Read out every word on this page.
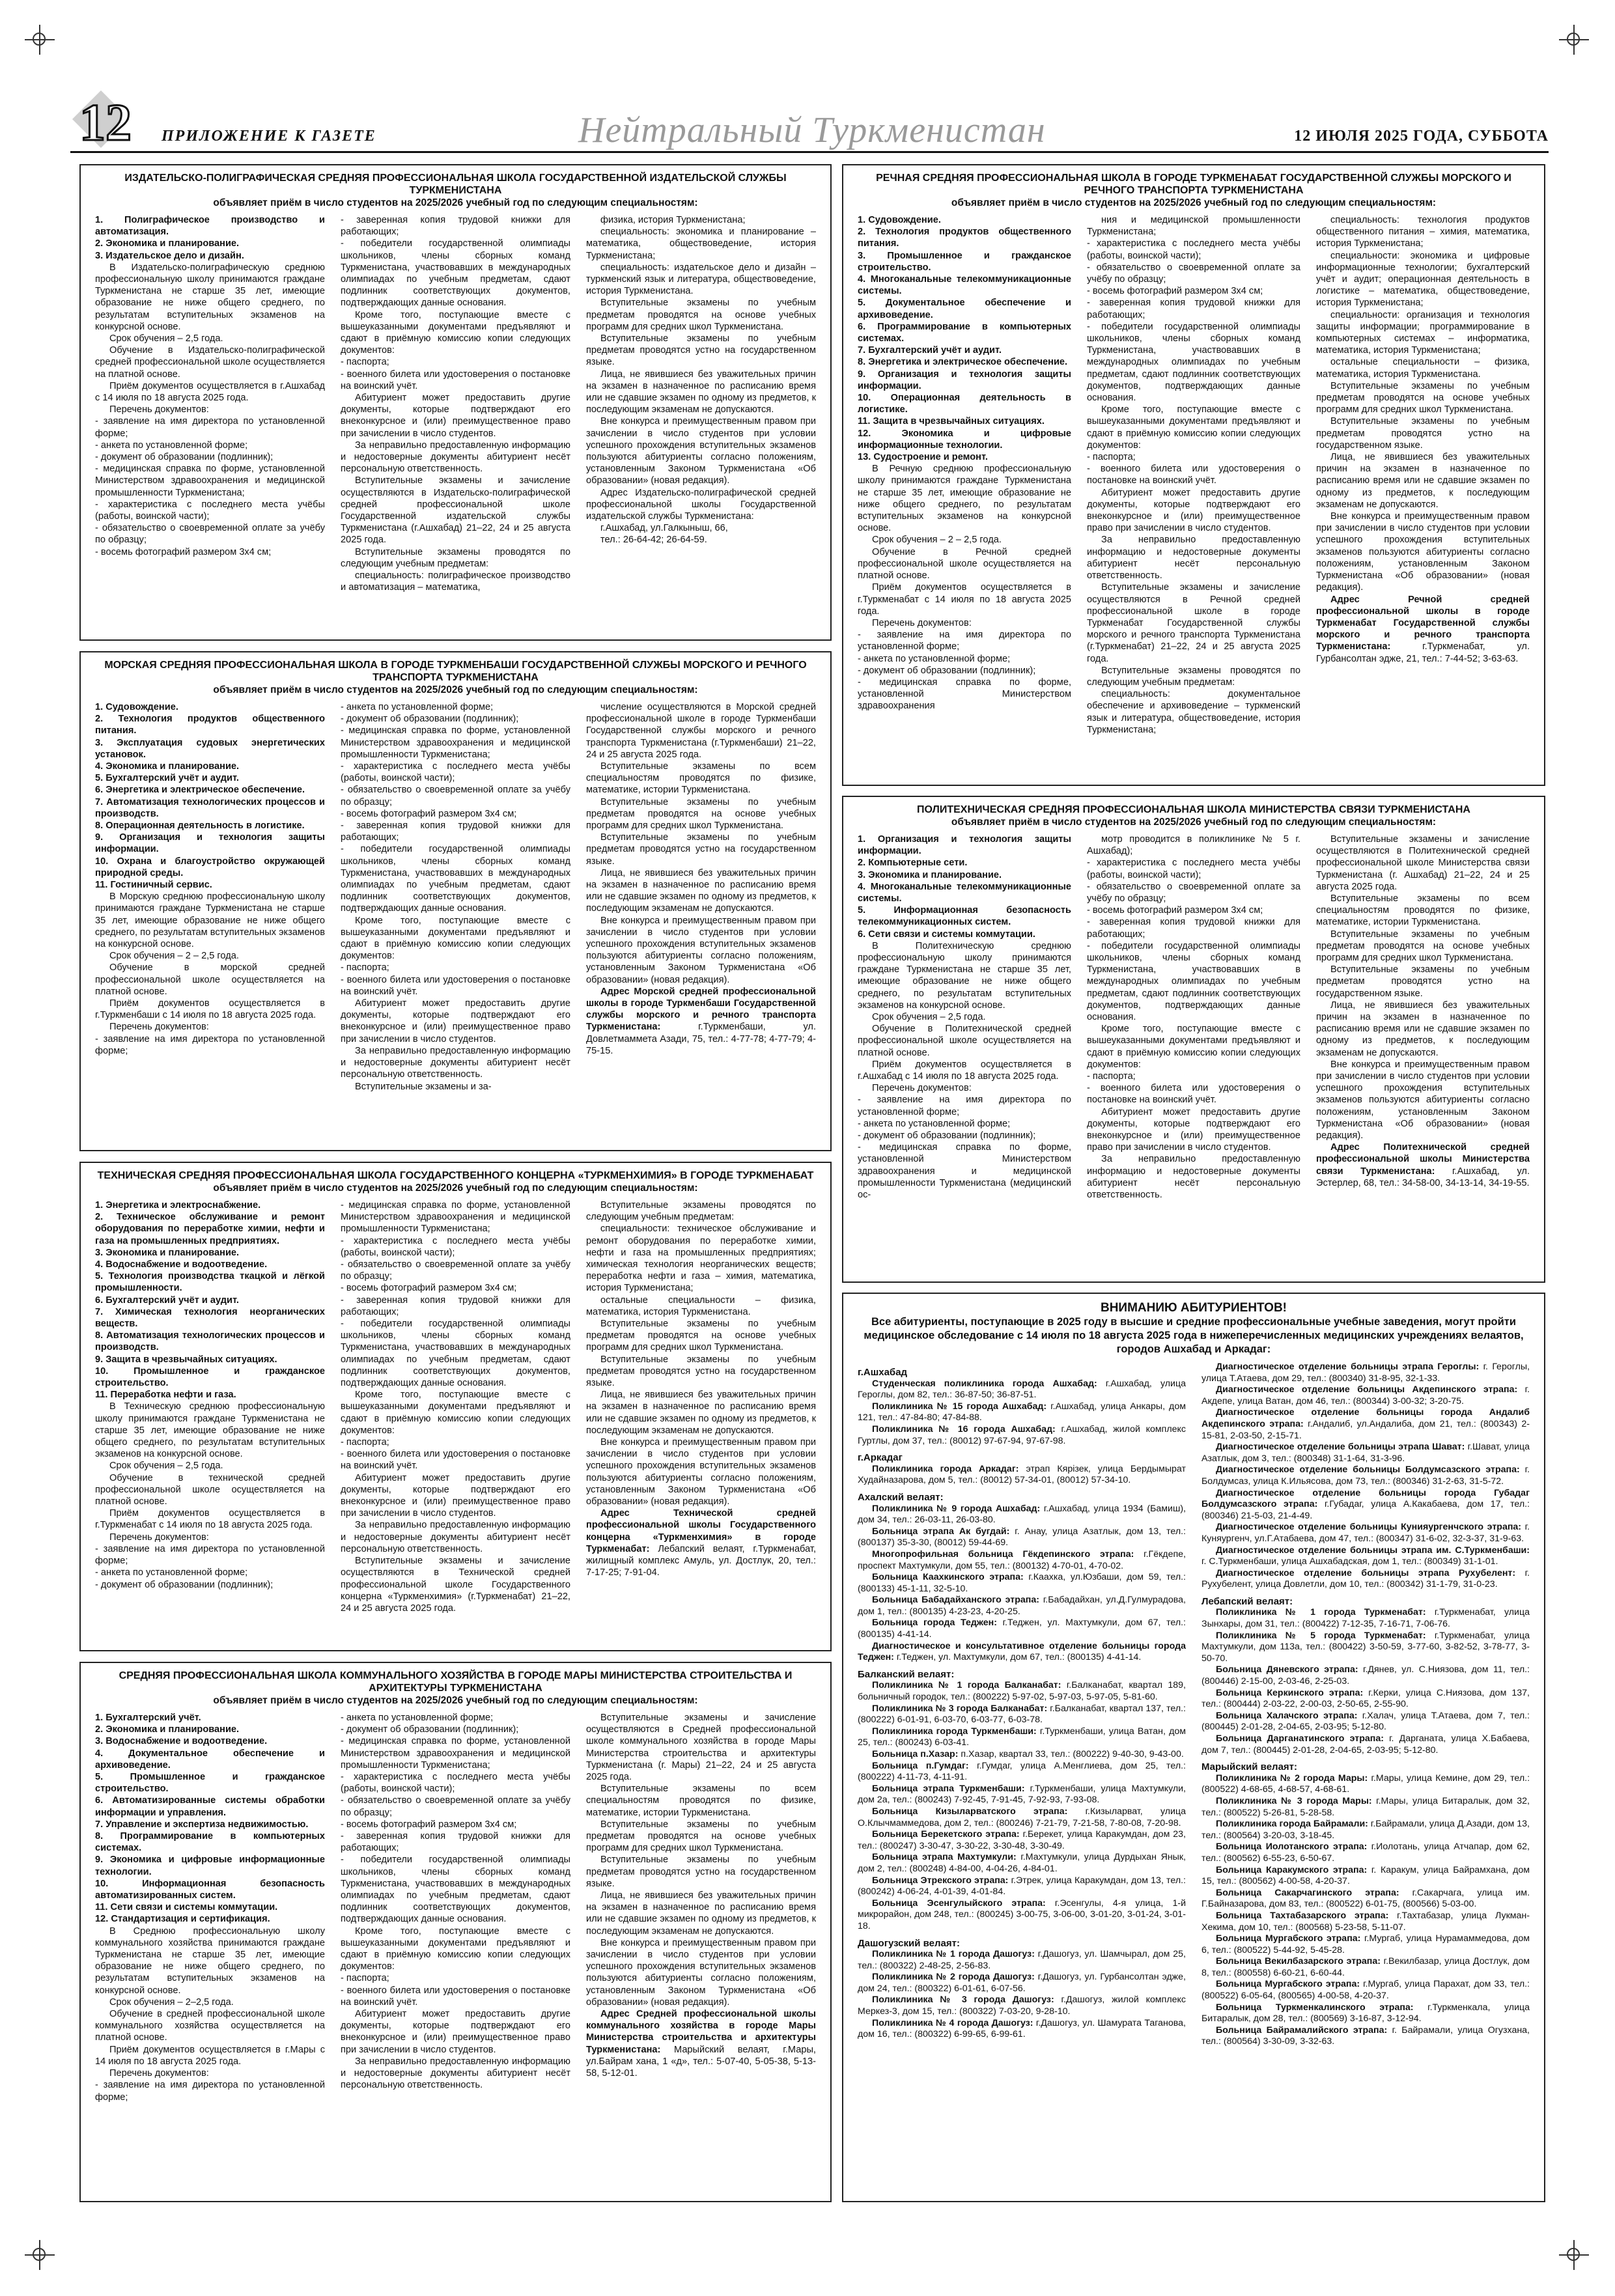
12 ПРИЛОЖЕНИЕ К ГАЗЕТЕ	Нейтральный Туркменистан	12 ИЮЛЯ 2025 ГОДА, СУББОТА
ИЗДАТЕЛЬСКО-ПОЛИГРАФИЧЕСКАЯ СРЕДНЯЯ ПРОФЕССИОНАЛЬНАЯ ШКОЛА ГОСУДАРСТВЕННОЙ ИЗДАТЕЛЬСКОЙ СЛУЖБЫ ТУРКМЕНИСТАНА

объявляет приём в число студентов на 2025/2026 учебный год по следующим специальностям:

1. Полиграфическое производство и автоматизация.

2. Экономика и планирование.

3. Издательское дело и дизайн.

В Издательско-полиграфическую среднюю профессиональную школу принимаются граждане Туркменистана не старше 35 лет, имеющие образование не ниже общего среднего, по результатам вступительных экзаменов на конкурсной основе.

Срок обучения – 2,5 года.

Обучение в Издательско-полиграфической средней профессиональной школе осуществляется на платной основе.

Приём документов осуществляется в г.Ашхабад с 14 июля по 18 августа 2025 года.

Перечень документов:

- заявление на имя директора по установленной форме;

- анкета по установленной форме;

- документ об образовании (подлинник);

- медицинская справка по форме, установленной Министерством здравоохранения и медицинской промышленности Туркменистана;

- характеристика с последнего места учёбы (работы, воинской части);

- обязательство о своевременной оплате за учёбу по образцу;

- восемь фотографий размером 3x4 см;

- заверенная копия трудовой книжки для работающих;

- победители государственной олимпиады школьников, члены сборных команд Туркменистана, участвовавших в международных олимпиадах по учебным предметам, сдают подлинник соответствующих документов, подтверждающих данные основания.

Кроме того, поступающие вместе с вышеуказанными документами предъявляют и сдают в приёмную комиссию копии следующих документов:

- паспорта;

- военного билета или удостоверения о постановке на воинский учёт.

Абитуриент может предоставить другие документы, которые подтверждают его внеконкурсное и (или) преимущественное право при зачислении в число студентов.

За неправильно предоставленную информацию и недостоверные документы абитуриент несёт персональную ответственность.

Вступительные экзамены и зачисление осуществляются в Издательско-полиграфической средней профессиональной школе Государственной издательской службы Туркменистана (г.Ашхабад) 21–22, 24 и 25 августа 2025 года.

Вступительные экзамены проводятся по следующим учебным предметам:

специальность: полиграфическое производство и автоматизация – математика,

физика, история Туркменистана;

специальность: экономика и планирование – математика, обществоведение, история Туркменистана;

специальность: издательское дело и дизайн – туркменский язык и литература, обществоведение, история Туркменистана.

Вступительные экзамены по учебным предметам проводятся на основе учебных программ для средних школ Туркменистана.

Вступительные экзамены по учебным предметам проводятся устно на государственном языке.

Лица, не явившиеся без уважительных причин на экзамен в назначенное по расписанию время или не сдавшие экзамен по одному из предметов, к последующим экзаменам не допускаются.

Вне конкурса и преимущественным правом при зачислении в число студентов при условии успешного прохождения вступительных экзаменов пользуются абитуриенты согласно положениям, установленным Законом Туркменистана «Об образовании» (новая редакция).

Адрес Издательско-полиграфической средней профессиональной школы Государственной издательской службы Туркменистана:

г.Ашхабад, ул.Галкыныш, 66,

тел.: 26-64-42; 26-64-59.

МОРСКАЯ СРЕДНЯЯ ПРОФЕССИОНАЛЬНАЯ ШКОЛА В ГОРОДЕ ТУРКМЕНБАШИ ГОСУДАРСТВЕННОЙ СЛУЖБЫ МОРСКОГО И РЕЧНОГО ТРАНСПОРТА ТУРКМЕНИСТАНА

объявляет приём в число студентов на 2025/2026 учебный год по следующим специальностям:

1. Судовождение.

2. Технология продуктов общественного питания.

3. Эксплуатация судовых энергетических установок.

4. Экономика и планирование.

5. Бухгалтерский учёт и аудит.

6. Энергетика и электрическое обеспечение.

7. Автоматизация технологических процессов и производств.

8. Операционная деятельность в логистике.

9. Организация и технология защиты информации.

10. Охрана и благоустройство окружающей природной среды.

11. Гостиничный сервис.

В Морскую среднюю профессиональную школу принимаются граждане Туркменистана не старше 35 лет, имеющие образование не ниже общего среднего, по результатам вступительных экзаменов на конкурсной основе.

Срок обучения – 2 – 2,5 года.

Обучение в морской средней профессиональной школе осуществляется на платной основе.

Приём документов осуществляется в г.Туркменбаши с 14 июля по 18 августа 2025 года.

Перечень документов:

- заявление на имя директора по установленной форме;

- анкета по установленной форме;

- документ об образовании (подлинник);

- медицинская справка по форме, установленной Министерством здравоохранения и медицинской промышленности Туркменистана;

- характеристика с последнего места учёбы (работы, воинской части);

- обязательство о своевременной оплате за учёбу по образцу;

- восемь фотографий размером 3x4 см;

- заверенная копия трудовой книжки для работающих;

- победители государственной олимпиады школьников, члены сборных команд Туркменистана, участвовавших в международных олимпиадах по учебным предметам, сдают подлинник соответствующих документов, подтверждающих данные основания.

Кроме того, поступающие вместе с вышеуказанными документами предъявляют и сдают в приёмную комиссию копии следующих документов:

- паспорта;

- военного билета или удостоверения о постановке на воинский учёт.

Абитуриент может предоставить другие документы, которые подтверждают его внеконкурсное и (или) преимущественное право при зачислении в число студентов.

За неправильно предоставленную информацию и недостоверные документы абитуриент несёт персональную ответственность.

Вступительные экзамены и за-

числение осуществляются в Морской средней профессиональной школе в городе Туркменбаши Государственной службы морского и речного транспорта Туркменистана (г.Туркменбаши) 21–22, 24 и 25 августа 2025 года.

Вступительные экзамены по всем специальностям проводятся по физике, математике, истории Туркменистана.

Вступительные экзамены по учебным предметам проводятся на основе учебных программ для средних школ Туркменистана.

Вступительные экзамены по учебным предметам проводятся устно на государственном языке.

Лица, не явившиеся без уважительных причин на экзамен в назначенное по расписанию время или не сдавшие экзамен по одному из предметов, к последующим экзаменам не допускаются.

Вне конкурса и преимущественным правом при зачислении в число студентов при условии успешного прохождения вступительных экзаменов пользуются абитуриенты согласно положениям, установленным Законом Туркменистана «Об образовании» (новая редакция).

Адрес Морской средней профессиональной школы в городе Туркменбаши Государственной службы морского и речного транспорта Туркменистана: г.Туркменбаши, ул. Довлетмаммета Азади, 75, тел.: 4-77-78; 4-77-79; 4-75-15.

ТЕХНИЧЕСКАЯ СРЕДНЯЯ ПРОФЕССИОНАЛЬНАЯ ШКОЛА ГОСУДАРСТВЕННОГО КОНЦЕРНА «ТУРКМЕНХИМИЯ» В ГОРОДЕ ТУРКМЕНАБАТ

объявляет приём в число студентов на 2025/2026 учебный год по следующим специальностям:

1. Энергетика и электроснабжение.

2. Техническое обслуживание и ремонт оборудования по переработке химии, нефти и газа на промышленных предприятиях.

3. Экономика и планирование.

4. Водоснабжение и водоотведение.

5. Технология производства ткацкой и лёгкой промышленности.

6. Бухгалтерский учёт и аудит.

7. Химическая технология неорганических веществ.

8. Автоматизация технологических процессов и производств.

9. Защита в чрезвычайных ситуациях.

10. Промышленное и гражданское строительство.

11. Переработка нефти и газа.

В Техническую среднюю профессиональную школу принимаются граждане Туркменистана не старше 35 лет, имеющие образование не ниже общего среднего, по результатам вступительных экзаменов на конкурсной основе.

Срок обучения – 2,5 года.

Обучение в технической средней профессиональной школе осуществляется на платной основе.

Приём документов осуществляется в г.Туркменабат с 14 июля по 18 августа 2025 года.

Перечень документов:

- заявление на имя директора по установленной форме;

- анкета по установленной форме;

- документ об образовании (подлинник);

- медицинская справка по форме, установленной Министерством здравоохранения и медицинской промышленности Туркменистана;

- характеристика с последнего места учёбы (работы, воинской части);

- обязательство о своевременной оплате за учёбу по образцу;

- восемь фотографий размером 3x4 см;

- заверенная копия трудовой книжки для работающих;

- победители государственной олимпиады школьников, члены сборных команд Туркменистана, участвовавших в международных олимпиадах по учебным предметам, сдают подлинник соответствующих документов, подтверждающих данные основания.

Кроме того, поступающие вместе с вышеуказанными документами предъявляют и сдают в приёмную комиссию копии следующих документов:

- паспорта;

- военного билета или удостоверения о постановке на воинский учёт.

Абитуриент может предоставить другие документы, которые подтверждают его внеконкурсное и (или) преимущественное право при зачислении в число студентов.

За неправильно предоставленную информацию и недостоверные документы абитуриент несёт персональную ответственность.

Вступительные экзамены и зачисление осуществляются в Технической средней профессиональной школе Государственного концерна «Туркменхимия» (г.Туркменабат) 21–22, 24 и 25 августа 2025 года.

Вступительные экзамены проводятся по следующим учебным предметам:

специальности: техническое обслуживание и ремонт оборудования по переработке химии, нефти и газа на промышленных предприятиях; химическая технология неорганических веществ; переработка нефти и газа – химия, математика, история Туркменистана;

остальные специальности – физика, математика, история Туркменистана.

Вступительные экзамены по учебным предметам проводятся на основе учебных программ для средних школ Туркменистана.

Вступительные экзамены по учебным предметам проводятся устно на государственном языке.

Лица, не явившиеся без уважительных причин на экзамен в назначенное по расписанию время или не сдавшие экзамен по одному из предметов, к последующим экзаменам не допускаются.

Вне конкурса и преимущественным правом при зачислении в число студентов при условии успешного прохождения вступительных экзаменов пользуются абитуриенты согласно положениям, установленным Законом Туркменистана «Об образовании» (новая редакция).

Адрес Технической средней профессиональной школы Государственного концерна «Туркменхимия» в городе Туркменабат: Лебапский велаят, г.Туркменабат, жилищный комплекс Амуль, ул. Достлук, 20, тел.: 7-17-25; 7-91-04.

СРЕДНЯЯ ПРОФЕССИОНАЛЬНАЯ ШКОЛА КОММУНАЛЬНОГО ХОЗЯЙСТВА В ГОРОДЕ МАРЫ МИНИСТЕРСТВА СТРОИТЕЛЬСТВА И АРХИТЕКТУРЫ ТУРКМЕНИСТАНА

объявляет приём в число студентов на 2025/2026 учебный год по следующим специальностям:

1. Бухгалтерский учёт.

2. Экономика и планирование.

3. Водоснабжение и водоотведение.

4. Документальное обеспечение и архивоведение.

5. Промышленное и гражданское строительство.

6. Автоматизированные системы обработки информации и управления.

7. Управление и экспертиза недвижимостью.

8. Программирование в компьютерных системах.

9. Экономика и цифровые информационные технологии.

10. Информационная безопасность автоматизированных систем.

11. Сети связи и системы коммутации.

12. Стандартизация и сертификация.

В Среднюю профессиональную школу коммунального хозяйства принимаются граждане Туркменистана не старше 35 лет, имеющие образование не ниже общего среднего, по результатам вступительных экзаменов на конкурсной основе.

Срок обучения – 2–2,5 года.

Обучение в средней профессиональной школе коммунального хозяйства осуществляется на платной основе.

Приём документов осуществляется в г.Мары с 14 июля по 18 августа 2025 года.

Перечень документов:

- заявление на имя директора по установленной форме;

- анкета по установленной форме;

- документ об образовании (подлинник);

- медицинская справка по форме, установленной Министерством здравоохранения и медицинской промышленности Туркменистана;

- характеристика с последнего места учёбы (работы, воинской части);

- обязательство о своевременной оплате за учёбу по образцу;

- восемь фотографий размером 3x4 см;

- заверенная копия трудовой книжки для работающих;

- победители государственной олимпиады школьников, члены сборных команд Туркменистана, участвовавших в международных олимпиадах по учебным предметам, сдают подлинник соответствующих документов, подтверждающих данные основания.

Кроме того, поступающие вместе с вышеуказанными документами предъявляют и сдают в приёмную комиссию копии следующих документов:

- паспорта;

- военного билета или удостоверения о постановке на воинский учёт.

Абитуриент может предоставить другие документы, которые подтверждают его внеконкурсное и (или) преимущественное право при зачислении в число студентов.

За неправильно предоставленную информацию и недостоверные документы абитуриент несёт персональную ответственность.

Вступительные экзамены и зачисление осуществляются в Средней профессиональной школе коммунального хозяйства в городе Мары Министерства строительства и архитектуры Туркменистана (г. Мары) 21–22, 24 и 25 августа 2025 года.

Вступительные экзамены по всем специальностям проводятся по физике, математике, истории Туркменистана.

Вступительные экзамены по учебным предметам проводятся на основе учебных программ для средних школ Туркменистана.

Вступительные экзамены по учебным предметам проводятся устно на государственном языке.

Лица, не явившиеся без уважительных причин на экзамен в назначенное по расписанию время или не сдавшие экзамен по одному из предметов, к последующим экзаменам не допускаются.

Вне конкурса и преимущественным правом при зачислении в число студентов при условии успешного прохождения вступительных экзаменов пользуются абитуриенты согласно положениям, установленным Законом Туркменистана «Об образовании» (новая редакция).

Адрес Средней профессиональной школы коммунального хозяйства в городе Мары Министерства строительства и архитектуры Туркменистана: Марыйский велаят, г.Мары, ул.Байрам хана, 1 «д», тел.: 5-07-40, 5-05-38, 5-13-58, 5-12-01.

РЕЧНАЯ СРЕДНЯЯ ПРОФЕССИОНАЛЬНАЯ ШКОЛА В ГОРОДЕ ТУРКМЕНАБАТ ГОСУДАРСТВЕННОЙ СЛУЖБЫ МОРСКОГО И РЕЧНОГО ТРАНСПОРТА ТУРКМЕНИСТАНА

объявляет приём в число студентов на 2025/2026 учебный год по следующим специальностям:

1. Судовождение.

2. Технология продуктов общественного питания.

3. Промышленное и гражданское строительство.

4. Многоканальные телекоммуникационные системы.

5. Документальное обеспечение и архивоведение.

6. Программирование в компьютерных системах.

7. Бухгалтерский учёт и аудит.

8. Энергетика и электрическое обеспечение.

9. Организация и технология защиты информации.

10. Операционная деятельность в логистике.

11. Защита в чрезвычайных ситуациях.

12. Экономика и цифровые информационные технологии.

13. Судостроение и ремонт.

В Речную среднюю профессиональную школу принимаются граждане Туркменистана не старше 35 лет, имеющие образование не ниже общего среднего, по результатам вступительных экзаменов на конкурсной основе.

Срок обучения – 2 – 2,5 года.

Обучение в Речной средней профессиональной школе осуществляется на платной основе.

Приём документов осуществляется в г.Туркменабат с 14 июля по 18 августа 2025 года.

Перечень документов:

- заявление на имя директора по установленной форме;

- анкета по установленной форме;

- документ об образовании (подлинник);

- медицинская справка по форме, установленной Министерством здравоохранения

ния и медицинской промышленности Туркменистана;

- характеристика с последнего места учёбы (работы, воинской части);

- обязательство о своевременной оплате за учёбу по образцу;

- восемь фотографий размером 3x4 см;

- заверенная копия трудовой книжки для работающих;

- победители государственной олимпиады школьников, члены сборных команд Туркменистана, участвовавших в международных олимпиадах по учебным предметам, сдают подлинник соответствующих документов, подтверждающих данные основания.

Кроме того, поступающие вместе с вышеуказанными документами предъявляют и сдают в приёмную комиссию копии следующих документов:

- паспорта;

- военного билета или удостоверения о постановке на воинский учёт.

Абитуриент может предоставить другие документы, которые подтверждают его внеконкурсное и (или) преимущественное право при зачислении в число студентов.

За неправильно предоставленную информацию и недостоверные документы абитуриент несёт персональную ответственность.

Вступительные экзамены и зачисление осуществляются в Речной средней профессиональной школе в городе Туркменабат Государственной службы морского и речного транспорта Туркменистана (г.Туркменабат) 21–22, 24 и 25 августа 2025 года.

Вступительные экзамены проводятся по следующим учебным предметам:

специальность: документальное обеспечение и архивоведение – туркменский язык и литература, обществоведение, история Туркменистана;

специальность: технология продуктов общественного питания – химия, математика, история Туркменистана;

специальности: экономика и цифровые информационные технологии; бухгалтерский учёт и аудит; операционная деятельность в логистике – математика, обществоведение, история Туркменистана;

специальности: организация и технология защиты информации; программирование в компьютерных системах – информатика, математика, история Туркменистана;

остальные специальности – физика, математика, история Туркменистана.

Вступительные экзамены по учебным предметам проводятся на основе учебных программ для средних школ Туркменистана.

Вступительные экзамены по учебным предметам проводятся устно на государственном языке.

Лица, не явившиеся без уважительных причин на экзамен в назначенное по расписанию время или не сдавшие экзамен по одному из предметов, к последующим экзаменам не допускаются.

Вне конкурса и преимущественным правом при зачислении в число студентов при условии успешного прохождения вступительных экзаменов пользуются абитуриенты согласно положениям, установленным Законом Туркменистана «Об образовании» (новая редакция).

Адрес Речной средней профессиональной школы в городе Туркменабат Государственной службы морского и речного транспорта Туркменистана: г.Туркменабат, ул. Гурбансолтан эдже, 21, тел.: 7-44-52; 3-63-63.

ПОЛИТЕХНИЧЕСКАЯ СРЕДНЯЯ ПРОФЕССИОНАЛЬНАЯ ШКОЛА МИНИСТЕРСТВА СВЯЗИ ТУРКМЕНИСТАНА

объявляет приём в число студентов на 2025/2026 учебный год по следующим специальностям:

1. Организация и технология защиты информации.

2. Компьютерные сети.

3. Экономика и планирование.

4. Многоканальные телекоммуникационные системы.

5. Информационная безопасность телекоммуникационных систем.

6. Сети связи и системы коммутации.

В Политехническую среднюю профессиональную школу принимаются граждане Туркменистана не старше 35 лет, имеющие образование не ниже общего среднего, по результатам вступительных экзаменов на конкурсной основе.

Срок обучения – 2,5 года.

Обучение в Политехнической средней профессиональной школе осуществляется на платной основе.

Приём документов осуществляется в г.Ашхабад с 14 июля по 18 августа 2025 года.

Перечень документов:

- заявление на имя директора по установленной форме;

- анкета по установленной форме;

- документ об образовании (подлинник);

- медицинская справка по форме, установленной Министерством здравоохранения и медицинской промышленности Туркменистана (медицинский ос-

мотр проводится в поликлинике № 5 г. Ашхабад);

- характеристика с последнего места учёбы (работы, воинской части);

- обязательство о своевременной оплате за учёбу по образцу;

- восемь фотографий размером 3x4 см;

- заверенная копия трудовой книжки для работающих;

- победители государственной олимпиады школьников, члены сборных команд Туркменистана, участвовавших в международных олимпиадах по учебным предметам, сдают подлинник соответствующих документов, подтверждающих данные основания.

Кроме того, поступающие вместе с вышеуказанными документами предъявляют и сдают в приёмную комиссию копии следующих документов:

- паспорта;

- военного билета или удостоверения о постановке на воинский учёт.

Абитуриент может предоставить другие документы, которые подтверждают его внеконкурсное и (или) преимущественное право при зачислении в число студентов.

За неправильно предоставленную информацию и недостоверные документы абитуриент несёт персональную ответственность.

Вступительные экзамены и зачисление осуществляются в Политехнической средней профессиональной школе Министерства связи Туркменистана (г. Ашхабад) 21–22, 24 и 25 августа 2025 года.

Вступительные экзамены по всем специальностям проводятся по физике, математике, истории Туркменистана.

Вступительные экзамены по учебным предметам проводятся на основе учебных программ для средних школ Туркменистана.

Вступительные экзамены по учебным предметам проводятся устно на государственном языке.

Лица, не явившиеся без уважительных причин на экзамен в назначенное по расписанию время или не сдавшие экзамен по одному из предметов, к последующим экзаменам не допускаются.

Вне конкурса и преимущественным правом при зачислении в число студентов при условии успешного прохождения вступительных экзаменов пользуются абитуриенты согласно положениям, установленным Законом Туркменистана «Об образовании» (новая редакция).

Адрес Политехнической средней профессиональной школы Министерства связи Туркменистана: г.Ашхабад, ул. Эстерлер, 68, тел.: 34-58-00, 34-13-14, 34-19-55.

ВНИМАНИЮ АБИТУРИЕНТОВ!

Все абитуриенты, поступающие в 2025 году в высшие и средние профессиональные учебные заведения, могут пройти медицинское обследование с 14 июля по 18 августа 2025 года в нижеперечисленных медицинских учреждениях велаятов, городов Ашхабад и Аркадаг:

г.Ашхабад

Студенческая поликлиника города Ашхабад: г.Ашхабад, улица Героглы, дом 82, тел.: 36-87-50; 36-87-51.

Поликлиника № 15 города Ашхабад: г.Ашхабад, улица Анкары, дом 121, тел.: 47-84-80; 47-84-88.

Поликлиника № 16 города Ашхабад: г.Ашхабад, жилой комплекс Гуртлы, дом 37, тел.: (80012) 97-67-94, 97-67-98.

г.Аркадаг

Поликлиника города Аркадаг: этрап Кярізек, улица Бердымырат Худайназарова, дом 5, тел.: (80012) 57-34-01, (80012) 57-34-10.

Ахалский велаят:

Поликлиника № 9 города Ашхабад: г.Ашхабад, улица 1934 (Бамиш), дом 34, тел.: 26-03-11, 26-03-80.

Больница этрапа Ак бугдай: г. Анау, улица Азатлык, дом 13, тел.: (800137) 35-3-30, (80012) 59-44-69.

Многопрофильная больница Гёкдепинского этрапа: г.Гёкдепе, проспект Махтумкули, дом 55, тел.: (800132) 4-70-01, 4-70-02.

Больница Каахкинского этрапа: г.Каахка, ул.Юзбаши, дом 59, тел.: (800133) 45-1-11, 32-5-10.

Больница Бабадайханского этрапа: г.Бабадайхан, ул.Д.Гулмурадова, дом 1, тел.: (800135) 4-23-23, 4-20-25.

Больница города Теджен: г.Теджен, ул. Махтумкули, дом 67, тел.: (800135) 4-41-14.

Диагностическое и консультативное отделение больницы города Теджен: г.Теджен, ул. Махтумкули, дом 67, тел.: (800135) 4-41-14.

Балканский велаят:

Поликлиника № 1 города Балканабат: г.Балканабат, квартал 189, больничный городок, тел.: (800222) 5-97-02, 5-97-03, 5-97-05, 5-81-60.

Поликлиника № 3 города Балканабат: г.Балканабат, квартал 137, тел.: (800222) 6-01-91, 6-03-70, 6-03-77, 6-03-78.

Поликлиника города Туркменбаши: г.Туркменбаши, улица Ватан, дом 25, тел.: (800243) 6-03-41.

Больница п.Хазар: п.Хазар, квартал 33, тел.: (800222) 9-40-30, 9-43-00.

Больница п.Гумдаг: г.Гумдаг, улица А.Менглиева, дом 25, тел.: (800222) 4-11-73, 4-11-91.

Больница этрапа Туркменбаши: г.Туркменбаши, улица Махтумкули, дом 2а, тел.: (800243) 7-92-45, 7-91-45, 7-92-93, 7-93-08.

Больница Кизыларватского этрапа: г.Кизыларват, улица О.Клычмаммедова, дом 2, тел.: (800246) 7-21-79, 7-21-58, 7-80-08, 7-20-98.

Больница Берекетского этрапа: г.Берекет, улица Каракумдан, дом 23, тел.: (800247) 3-30-47, 3-30-22, 3-30-48, 3-30-49.

Больница этрапа Махтумкули: г.Махтумкули, улица Дурдыхан Янык, дом 2, тел.: (800248) 4-84-00, 4-04-26, 4-84-01.

Больница Этрекского этрапа: г.Этрек, улица Каракумдан, дом 13, тел.: (800242) 4-06-24, 4-01-39, 4-01-84.

Больница Эсенгулыйского этрапа: г.Эсенгулы, 4-я улица, 1-й микрорайон, дом 248, тел.: (800245) 3-00-75, 3-06-00, 3-01-20, 3-01-24, 3-01-18.

Дашогузский велаят:

Поликлиника № 1 города Дашогуз: г.Дашогуз, ул. Шамчырал, дом 25, тел.: (800322) 2-48-25, 2-56-83.

Поликлиника № 2 города Дашогуз: г.Дашогуз, ул. Гурбансолтан эдже, дом 24, тел.: (800322) 6-01-61, 6-07-56.

Поликлиника № 3 города Дашогуз: г.Дашогуз, жилой комплекс Меркез-3, дом 15, тел.: (800322) 7-03-20, 9-28-10.

Поликлиника № 4 города Дашогуз: г.Дашогуз, ул. Шамурата Таганова, дом 16, тел.: (800322) 6-99-65, 6-99-61.

Диагностическое отделение больницы этрапа Героглы: г. Героглы, улица Т.Атаева, дом 29, тел.: (800340) 31-8-95, 32-1-33.

Диагностическое отделение больницы Акдепинского этрапа: г. Акдепе, улица Ватан, дом 46, тел.: (800344) 3-00-32; 3-20-75.

Диагностическое отделение больницы города Андалиб Акдепинского этрапа: г.Андалиб, ул.Андалиба, дом 21, тел.: (800343) 2-15-81, 2-03-50, 2-15-71.

Диагностическое отделение больницы этрапа Шават: г.Шават, улица Азатлык, дом 3, тел.: (800348) 31-1-64, 31-3-96.

Диагностическое отделение больницы Болдумсазского этрапа: г. Болдумсаз, улица К.Ильясова, дом 73, тел.: (800346) 31-2-63, 31-5-72.

Диагностическое отделение больницы города Губадаг Болдумсазского этрапа: г.Губадаг, улица А.Какабаева, дом 17, тел.: (800346) 21-5-03, 21-4-49.

Диагностическое отделение больницы Кунияургенчского этрапа: г. Куняургенч, ул.Г.Атабаева, дом 47, тел.: (800347) 31-6-02, 32-3-37, 31-9-63.

Диагностическое отделение больницы этрапа им. С.Туркменбаши: г. С.Туркменбаши, улица Ашхабадская, дом 1, тел.: (800349) 31-1-01.

Диагностическое отделение больницы этрапа Рухубелент: г. Рухубелент, улица Довлетли, дом 10, тел.: (800342) 31-1-79, 31-0-23.

Лебапский велаят:

Поликлиника № 1 города Туркменабат: г.Туркменабат, улица Зынхары, дом 31, тел.: (800422) 7-12-35, 7-16-71, 7-06-76.

Поликлиника № 5 города Туркменабат: г.Туркменабат, улица Махтумкули, дом 113а, тел.: (800422) 3-50-59, 3-77-60, 3-82-52, 3-78-77, 3-50-70.

Больница Дяневского этрапа: г.Дянев, ул. С.Ниязова, дом 11, тел.: (800446) 2-15-00, 2-03-46, 2-25-03.

Больница Керкинского этрапа: г.Керки, улица С.Ниязова, дом 137, тел.: (800444) 2-03-22, 2-00-03, 2-50-65, 2-55-90.

Больница Халачского этрапа: г.Халач, улица Т.Атаева, дом 7, тел.: (800445) 2-01-28, 2-04-65, 2-03-95; 5-12-80.

Больница Дарганатинского этрапа: г. Дарганата, улица Х.Бабаева, дом 7, тел.: (800445) 2-01-28, 2-04-65, 2-03-95; 5-12-80.

Марыйский велаят:

Поликлиника № 2 города Мары: г.Мары, улица Кемине, дом 29, тел.: (800522) 4-68-65, 4-68-57, 4-68-61.

Поликлиника № 3 города Мары: г.Мары, улица Битаралык, дом 32, тел.: (800522) 5-26-81, 5-28-58.

Поликлиника города Байрамали: г.Байрамали, улица Д.Азади, дом 13, тел.: (800564) 3-20-03, 3-18-45.

Больница Иолотанского этрапа: г.Иолотань, улица Атчапар, дом 62, тел.: (800562) 6-55-23, 6-50-67.

Больница Каракумского этрапа: г. Каракум, улица Байрамхана, дом 15, тел.: (800562) 4-00-58, 4-20-37.

Больница Сакарчагинского этрапа: г.Сакарчага, улица им. Г.Байназарова, дом 83, тел.: (800522) 6-01-75, (800566) 5-03-00.

Больница Тахтабазарского этрапа: г.Тахтабазар, улица Лукман-Хекима, дом 10, тел.: (800568) 5-23-58, 5-11-07.

Больница Мургабского этрапа: г.Мургаб, улица Нурамаммедова, дом 6, тел.: (800522) 5-44-92, 5-45-28.

Больница Векилбазарского этрапа: г.Векилбазар, улица Достлук, дом 8, тел.: (800558) 6-60-21, 6-60-44.

Больница Мургабского этрапа: г.Мургаб, улица Парахат, дом 33, тел.: (800522) 6-05-64, (800565) 4-00-58, 4-20-37.

Больница Туркменкалинского этрапа: г.Туркменкала, улица Битаралык, дом 28, тел.: (800569) 3-16-87, 3-12-94.

Больница Байрамалийского этрапа: г. Байрамали, улица Огузхана, тел.: (800564) 3-30-09, 3-32-63.
